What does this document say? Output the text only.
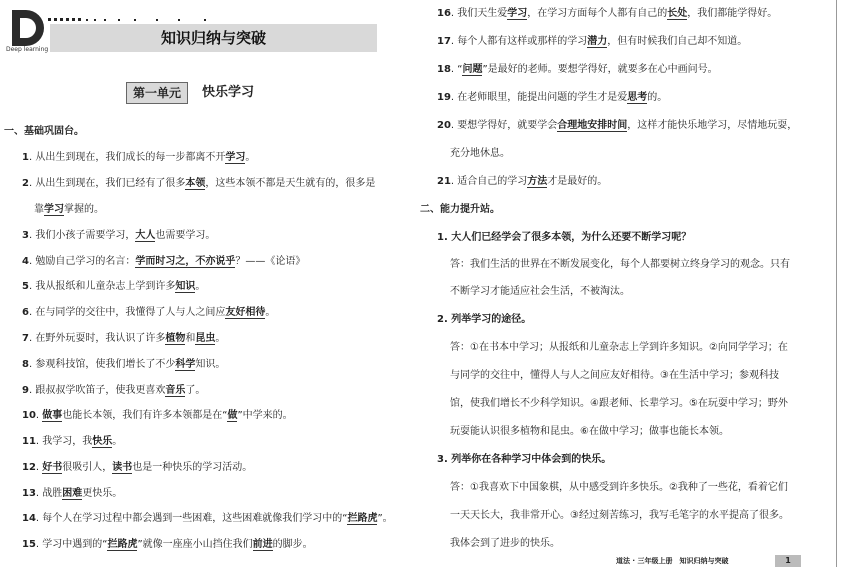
知识归纳与突破
Deep learning
第一单元	快乐学习
一、基础巩固台。
1. 从出生到现在，我们成长的每一步都离不开学习。
2. 从出生到现在，我们已经有了很多本领，这些本领不都是天生就有的，很多是
靠学习掌握的。
3. 我们小孩子需要学习，大人也需要学习。
4. 勉励自己学习的名言：学而时习之，不亦说乎？——《论语》
5. 我从报纸和儿童杂志上学到许多知识。
6. 在与同学的交往中，我懂得了人与人之间应友好相待。
7. 在野外玩耍时，我认识了许多植物和昆虫。
8. 参观科技馆，使我们增长了不少科学知识。
9. 跟叔叔学吹笛子，使我更喜欢音乐了。
10. 做事也能长本领，我们有许多本领都是在“做”中学来的。
11. 我学习，我快乐。
12. 好书很吸引人，读书也是一种快乐的学习活动。
13. 战胜困难更快乐。
14. 每个人在学习过程中都会遇到一些困难，这些困难就像我们学习中的“拦路虎”。
15. 学习中遇到的“拦路虎”就像一座座小山挡住我们前进的脚步。
16. 我们天生爱学习，在学习方面每个人都有自己的长处，我们都能学得好。
17. 每个人都有这样或那样的学习潜力，但有时候我们自己却不知道。
18. “问题”是最好的老师。要想学得好，就要多在心中画问号。
19. 在老师眼里，能提出问题的学生才是爱思考的。
20. 要想学得好，就要学会合理地安排时间，这样才能快乐地学习，尽情地玩耍，
充分地休息。
21. 适合自己的学习方法才是最好的。
二、能力提升站。
1. 大人们已经学会了很多本领，为什么还要不断学习呢？
答：我们生活的世界在不断发展变化，每个人都要树立终身学习的观念。只有
不断学习才能适应社会生活，不被淘汰。
2. 列举学习的途径。
答：①在书本中学习；从报纸和儿童杂志上学到许多知识。②向同学学习；在
与同学的交往中，懂得人与人之间应友好相待。③在生活中学习；参观科技
馆，使我们增长不少科学知识。④跟老师、长辈学习。⑤在玩耍中学习；野外
玩耍能认识很多植物和昆虫。⑥在做中学习；做事也能长本领。
3. 列举你在各种学习中体会到的快乐。
答：①我喜欢下中国象棋，从中感受到许多快乐。②我种了一些花，看着它们
一天天长大，我非常开心。③经过刻苦练习，我写毛笔字的水平提高了很多。
我体会到了进步的快乐。
道法 · 三年级上册　知识归纳与突破	1
